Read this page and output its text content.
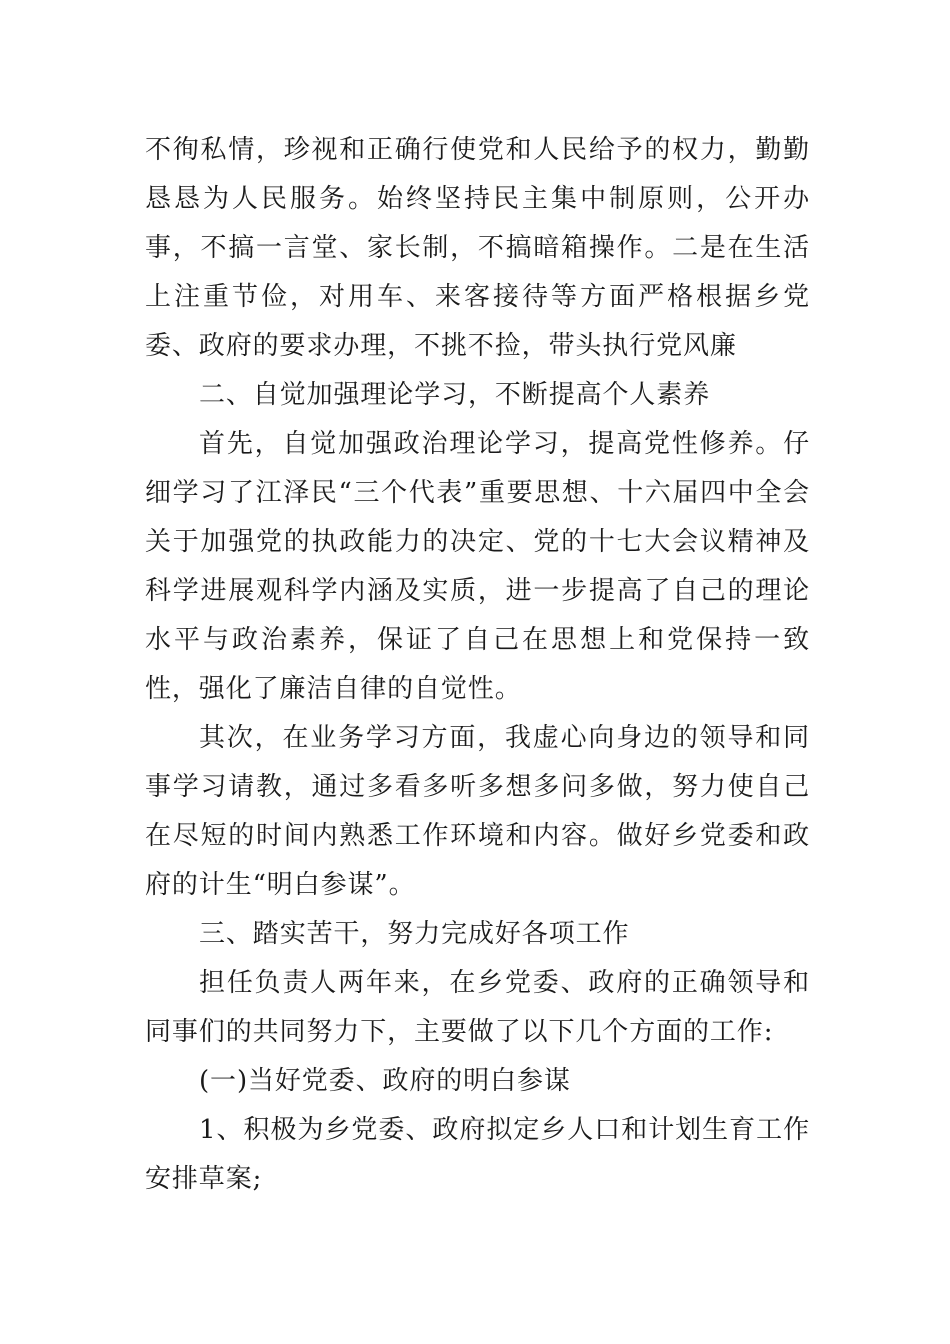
不徇私情，珍视和正确行使党和人民给予的权力，勤勤恳恳为人民服务。始终坚持民主集中制原则，公开办事，不搞一言堂、家长制，不搞暗箱操作。二是在生活上注重节俭，对用车、来客接待等方面严格根据乡党委、政府的要求办理，不挑不捡，带头执行党风廉

二、自觉加强理论学习，不断提高个人素养

首先，自觉加强政治理论学习，提高党性修养。仔细学习了江泽民“三个代表”重要思想、十六届四中全会关于加强党的执政能力的决定、党的十七大会议精神及科学进展观科学内涵及实质，进一步提高了自己的理论水平与政治素养，保证了自己在思想上和党保持一致性，强化了廉洁自律的自觉性。

其次，在业务学习方面，我虚心向身边的领导和同事学习请教，通过多看多听多想多问多做，努力使自己在尽短的时间内熟悉工作环境和内容。做好乡党委和政府的计生“明白参谋”。

三、踏实苦干，努力完成好各项工作

担任负责人两年来，在乡党委、政府的正确领导和同事们的共同努力下，主要做了以下几个方面的工作:

(一)当好党委、政府的明白参谋

1、积极为乡党委、政府拟定乡人口和计划生育工作安排草案;
